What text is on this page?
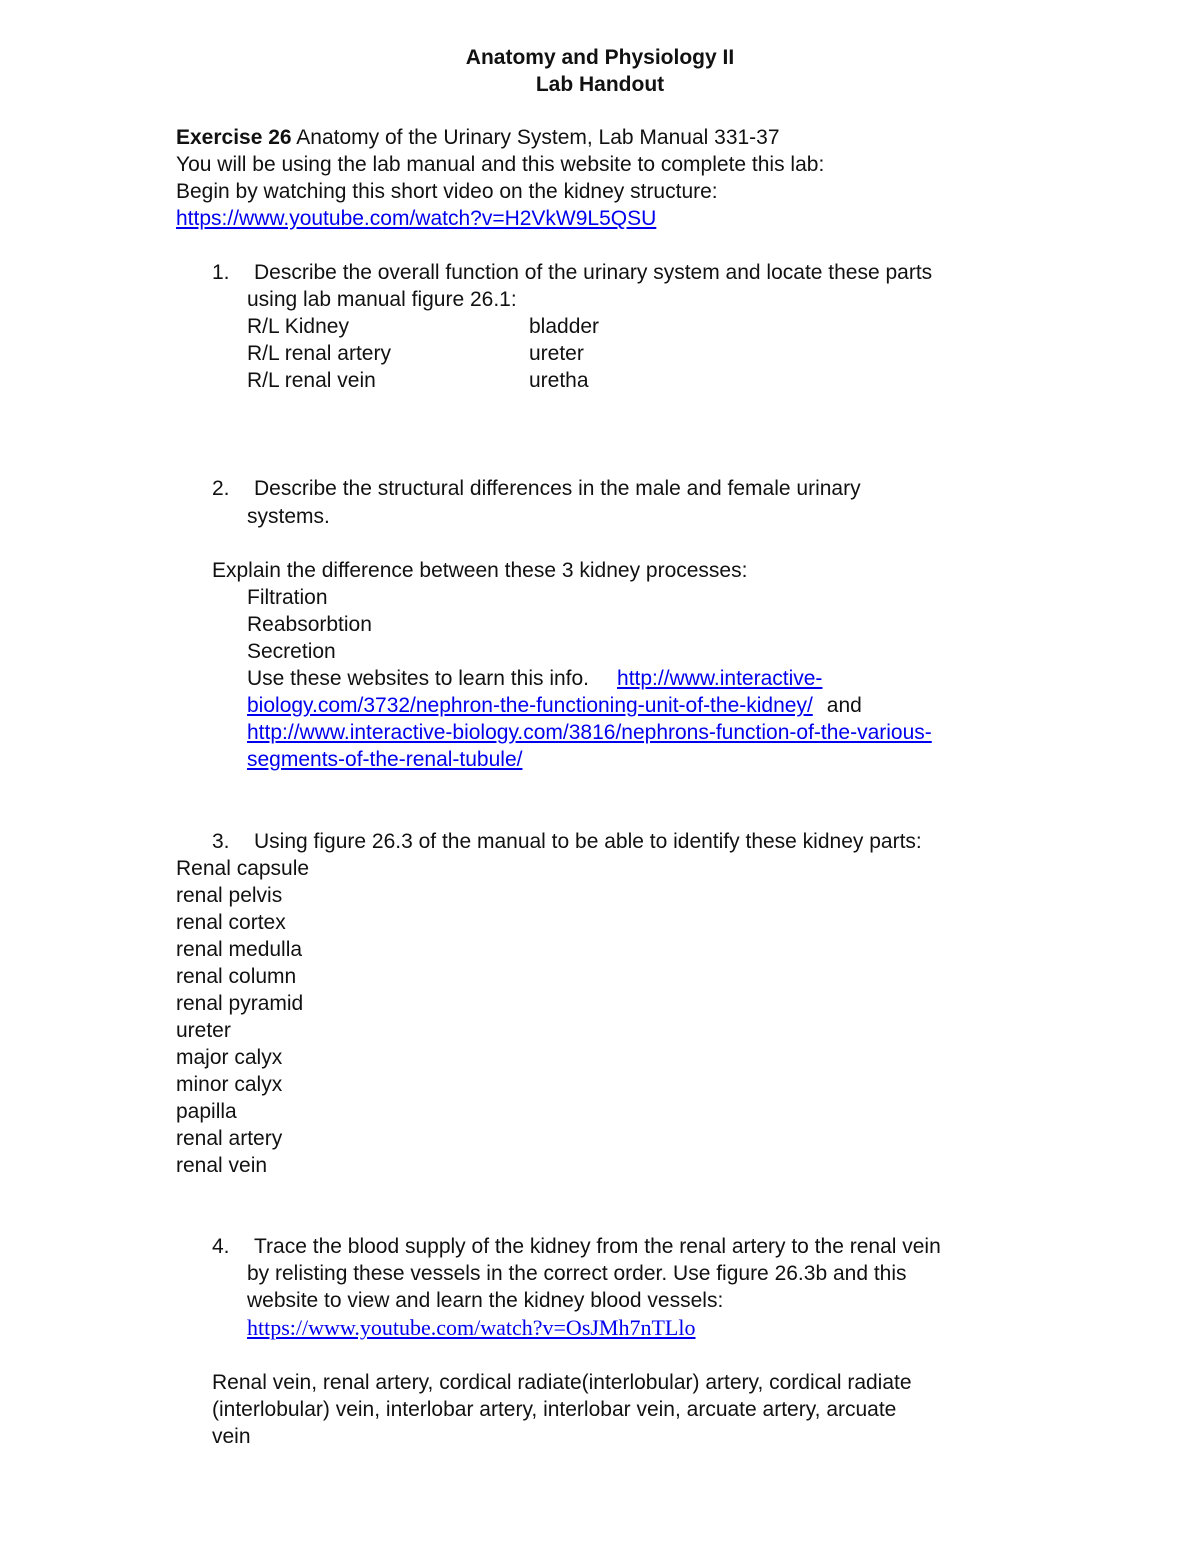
Anatomy and Physiology II
Lab Handout
Exercise 26 Anatomy of the Urinary System, Lab Manual 331-37
You will be using the lab manual and this website to complete this lab:
Begin by watching this short video on the kidney structure:
https://www.youtube.com/watch?v=H2VkW9L5QSU
1. Describe the overall function of the urinary system and locate these parts
using lab manual figure 26.1:
R/L Kidney
R/L renal artery
R/L renal vein
bladder
ureter
uretha
2. Describe the structural differences in the male and female urinary
systems.
Explain the difference between these 3 kidney processes:
Filtration
Reabsorbtion
Secretion
Use these websites to learn this info. http://www.interactive-
biology.com/3732/nephron-the-functioning-unit-of-the-kidney/ and
http://www.interactive-biology.com/3816/nephrons-function-of-the-various-
segments-of-the-renal-tubule/
3. Using figure 26.3 of the manual to be able to identify these kidney parts:
Renal capsule
renal pelvis
renal cortex
renal medulla
renal column
renal pyramid
ureter
major calyx
minor calyx
papilla
renal artery
renal vein
4. Trace the blood supply of the kidney from the renal artery to the renal vein
by relisting these vessels in the correct order. Use figure 26.3b and this
website to view and learn the kidney blood vessels:
https://www.youtube.com/watch?v=OsJMh7nTLlo
Renal vein, renal artery, cordical radiate(interlobular) artery, cordical radiate
(interlobular) vein, interlobar artery, interlobar vein, arcuate artery, arcuate
vein
